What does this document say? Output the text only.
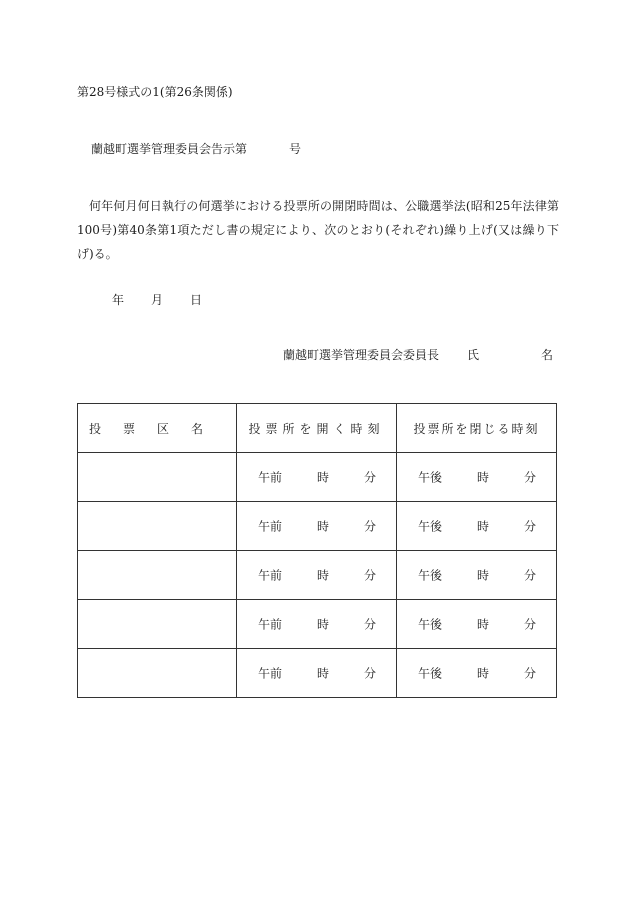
第28号様式の1(第26条関係)
蘭越町選挙管理委員会告示第	号
何年何月何日執行の何選挙における投票所の開閉時間は、公職選挙法(昭和25年法律第100号)第40条第1項ただし書の規定により、次のとおり(それぞれ)繰り上げ(又は繰り下げ)る。
年 月 日
蘭越町選挙管理委員会委員長 氏	名
投票区名	投票所を開く時刻	投票所を閉じる時刻

	午前 時 分	午後 時 分

	午前 時 分	午後 時 分

	午前 時 分	午後 時 分

	午前 時 分	午後 時 分

	午前 時 分	午後 時 分
